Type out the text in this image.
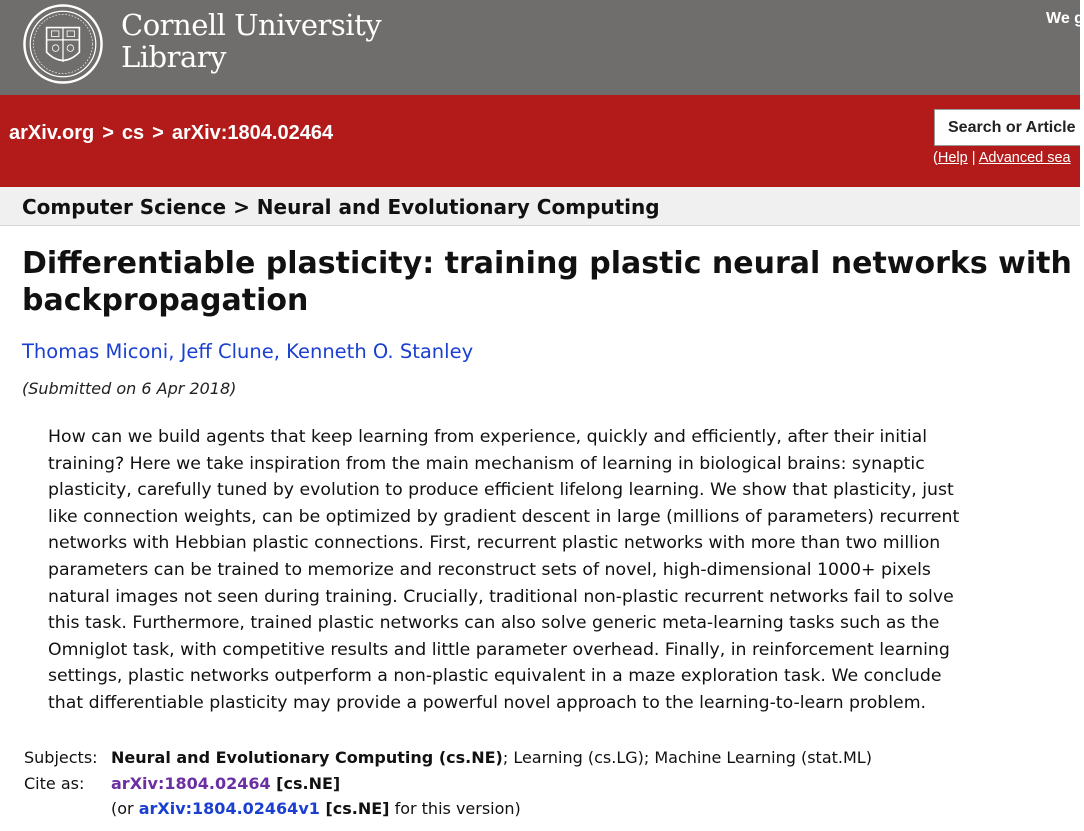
Cornell University
Library
We g
arXiv.org > cs > arXiv:1804.02464
Search or Article
(Help | Advanced sea
Computer Science > Neural and Evolutionary Computing
Differentiable plasticity: training plastic neural networks with backpropagation
Thomas Miconi, Jeff Clune, Kenneth O. Stanley
(Submitted on 6 Apr 2018)
How can we build agents that keep learning from experience, quickly and efficiently, after their initial
training? Here we take inspiration from the main mechanism of learning in biological brains: synaptic
plasticity, carefully tuned by evolution to produce efficient lifelong learning. We show that plasticity, just
like connection weights, can be optimized by gradient descent in large (millions of parameters) recurrent
networks with Hebbian plastic connections. First, recurrent plastic networks with more than two million
parameters can be trained to memorize and reconstruct sets of novel, high-dimensional 1000+ pixels
natural images not seen during training. Crucially, traditional non-plastic recurrent networks fail to solve
this task. Furthermore, trained plastic networks can also solve generic meta-learning tasks such as the
Omniglot task, with competitive results and little parameter overhead. Finally, in reinforcement learning
settings, plastic networks outperform a non-plastic equivalent in a maze exploration task. We conclude
that differentiable plasticity may provide a powerful novel approach to the learning-to-learn problem.
Subjects: Neural and Evolutionary Computing (cs.NE); Learning (cs.LG); Machine Learning (stat.ML)
Cite as: arXiv:1804.02464 [cs.NE]
(or arXiv:1804.02464v1 [cs.NE] for this version)
